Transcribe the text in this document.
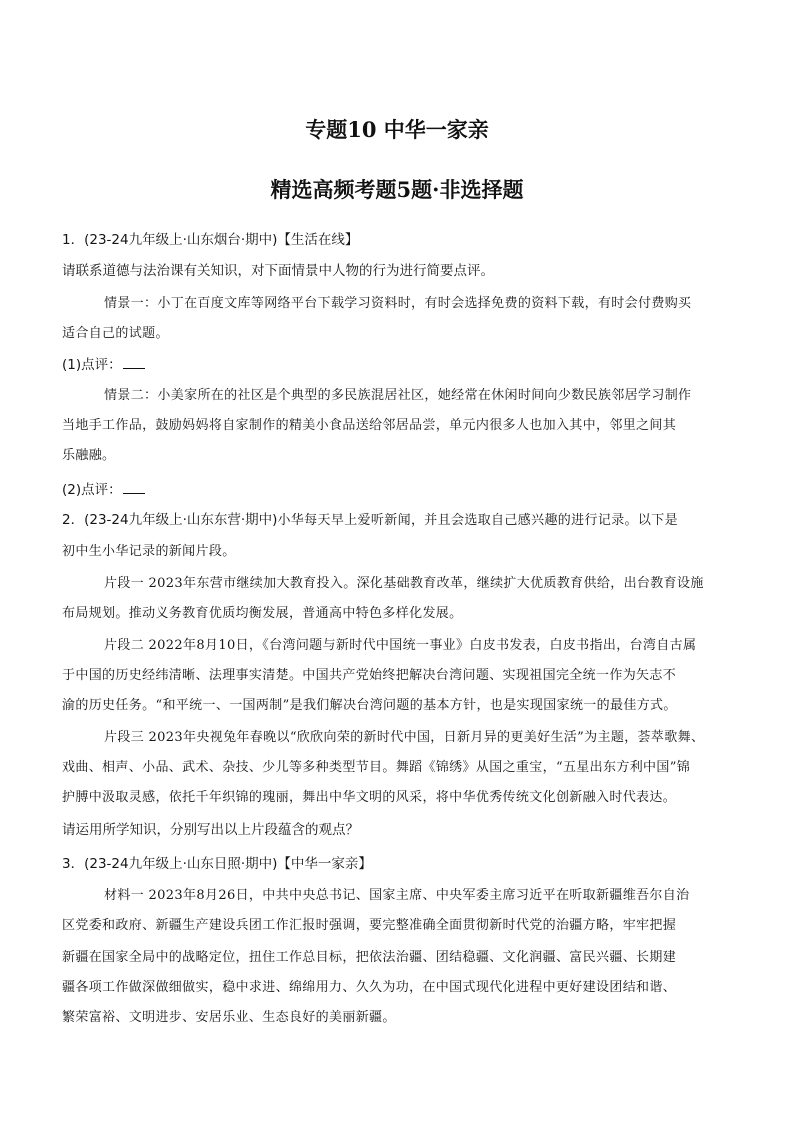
专题10 中华一家亲
精选高频考题5题·非选择题
1．(23-24九年级上·山东烟台·期中)【生活在线】
请联系道德与法治课有关知识，对下面情景中人物的行为进行简要点评。
情景一：小丁在百度文库等网络平台下载学习资料时，有时会选择免费的资料下载，有时会付费购买
适合自己的试题。
(1)点评：
情景二：小美家所在的社区是个典型的多民族混居社区，她经常在休闲时间向少数民族邻居学习制作
当地手工作品，鼓励妈妈将自家制作的精美小食品送给邻居品尝，单元内很多人也加入其中，邻里之间其
乐融融。
(2)点评：
2．(23-24九年级上·山东东营·期中)小华每天早上爱听新闻，并且会选取自己感兴趣的进行记录。以下是
初中生小华记录的新闻片段。
片段一 2023年东营市继续加大教育投入。深化基础教育改革，继续扩大优质教育供给，出台教育设施
布局规划。推动义务教育优质均衡发展，普通高中特色多样化发展。
片段二 2022年8月10日，《台湾问题与新时代中国统一事业》白皮书发表，白皮书指出，台湾自古属
于中国的历史经纬清晰、法理事实清楚。中国共产党始终把解决台湾问题、实现祖国完全统一作为矢志不
渝的历史任务。“和平统一、一国两制”是我们解决台湾问题的基本方针，也是实现国家统一的最佳方式。
片段三 2023年央视兔年春晚以“欣欣向荣的新时代中国，日新月异的更美好生活”为主题，荟萃歌舞、
戏曲、相声、小品、武术、杂技、少儿等多种类型节目。舞蹈《锦绣》从国之重宝，“五星出东方利中国”锦
护膊中汲取灵感，依托千年织锦的瑰丽，舞出中华文明的风采，将中华优秀传统文化创新融入时代表达。
请运用所学知识，分别写出以上片段蕴含的观点？
3．(23-24九年级上·山东日照·期中)【中华一家亲】
材料一 2023年8月26日，中共中央总书记、国家主席、中央军委主席习近平在听取新疆维吾尔自治
区党委和政府、新疆生产建设兵团工作汇报时强调，要完整准确全面贯彻新时代党的治疆方略，牢牢把握
新疆在国家全局中的战略定位，扭住工作总目标，把依法治疆、团结稳疆、文化润疆、富民兴疆、长期建
疆各项工作做深做细做实，稳中求进、绵绵用力、久久为功，在中国式现代化进程中更好建设团结和谐、
繁荣富裕、文明进步、安居乐业、生态良好的美丽新疆。
